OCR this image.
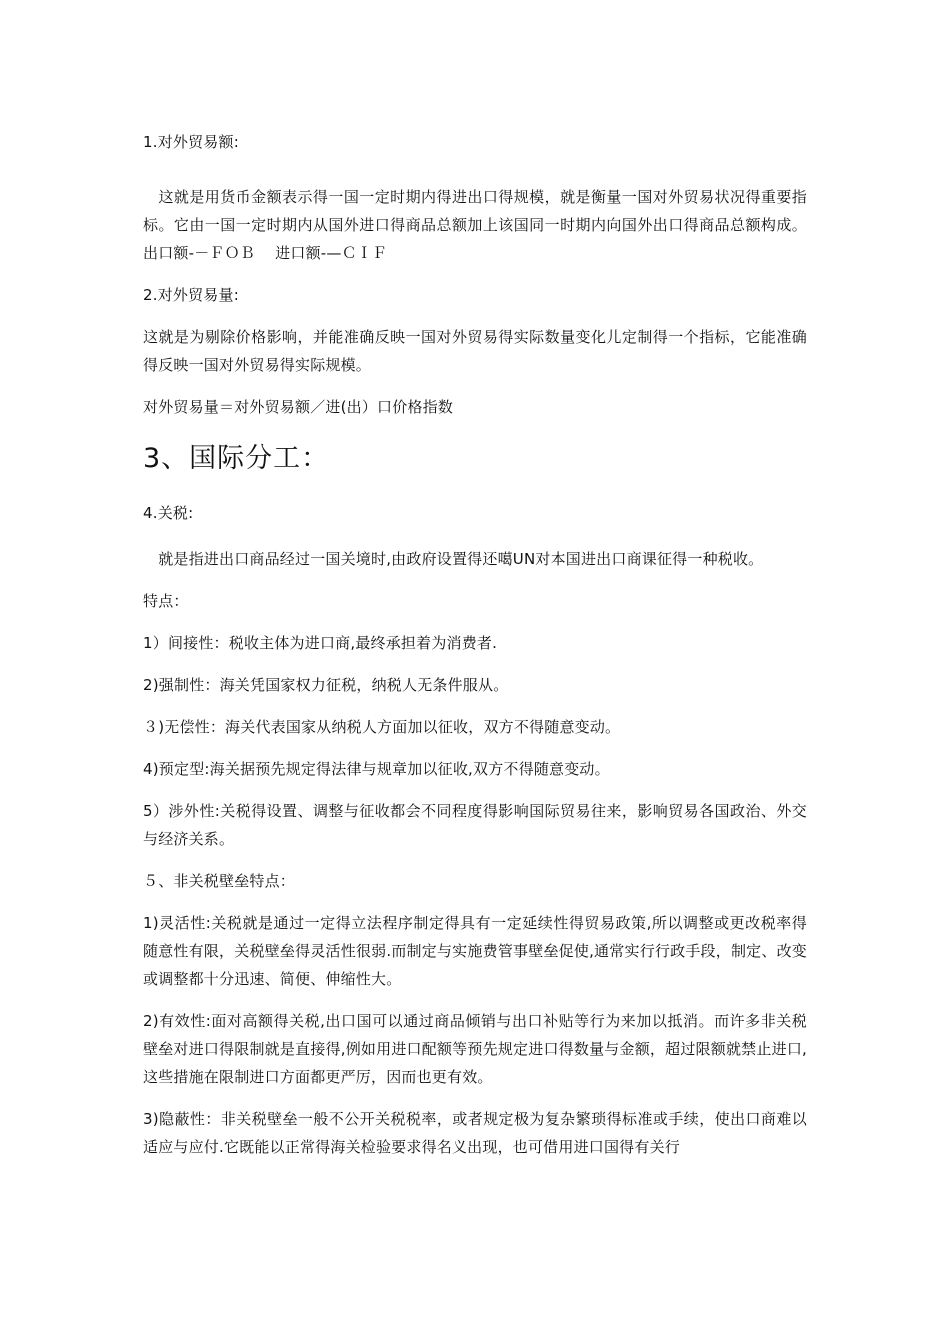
1.对外贸易额:

　这就是用货币金额表示得一国一定时期内得进出口得规模，就是衡量一国对外贸易状况得重要指标。它由一国一定时期内从国外进口得商品总额加上该国同一时期内向国外出口得商品总额构成。出口额-－ＦＯＢ　 进口额-—ＣＩＦ

2.对外贸易量:

这就是为剔除价格影响，并能准确反映一国对外贸易得实际数量变化儿定制得一个指标，它能准确得反映一国对外贸易得实际规模。

对外贸易量＝对外贸易额／进(出）口价格指数

3、国际分工：

4.关税:

　就是指进出口商品经过一国关境时,由政府设置得还噶UN对本国进出口商课征得一种税收。

特点：

1）间接性：税收主体为进口商,最终承担着为消费者.

2)强制性：海关凭国家权力征税，纳税人无条件服从。

３)无偿性：海关代表国家从纳税人方面加以征收，双方不得随意变动。

4)预定型:海关据预先规定得法律与规章加以征收,双方不得随意变动。

5）涉外性:关税得设置、调整与征收都会不同程度得影响国际贸易往来，影响贸易各国政治、外交与经济关系。

５、非关税壁垒特点：

1)灵活性:关税就是通过一定得立法程序制定得具有一定延续性得贸易政策,所以调整或更改税率得随意性有限，关税壁垒得灵活性很弱.而制定与实施费管事壁垒促使,通常实行行政手段，制定、改变或调整都十分迅速、简便、伸缩性大。

2)有效性:面对高额得关税,出口国可以通过商品倾销与出口补贴等行为来加以抵消。而许多非关税壁垒对进口得限制就是直接得,例如用进口配额等预先规定进口得数量与金额，超过限额就禁止进口,这些措施在限制进口方面都更严厉，因而也更有效。

3)隐蔽性：非关税壁垒一般不公开关税税率，或者规定极为复杂繁琐得标准或手续，使出口商难以适应与应付.它既能以正常得海关检验要求得名义出现，也可借用进口国得有关行
